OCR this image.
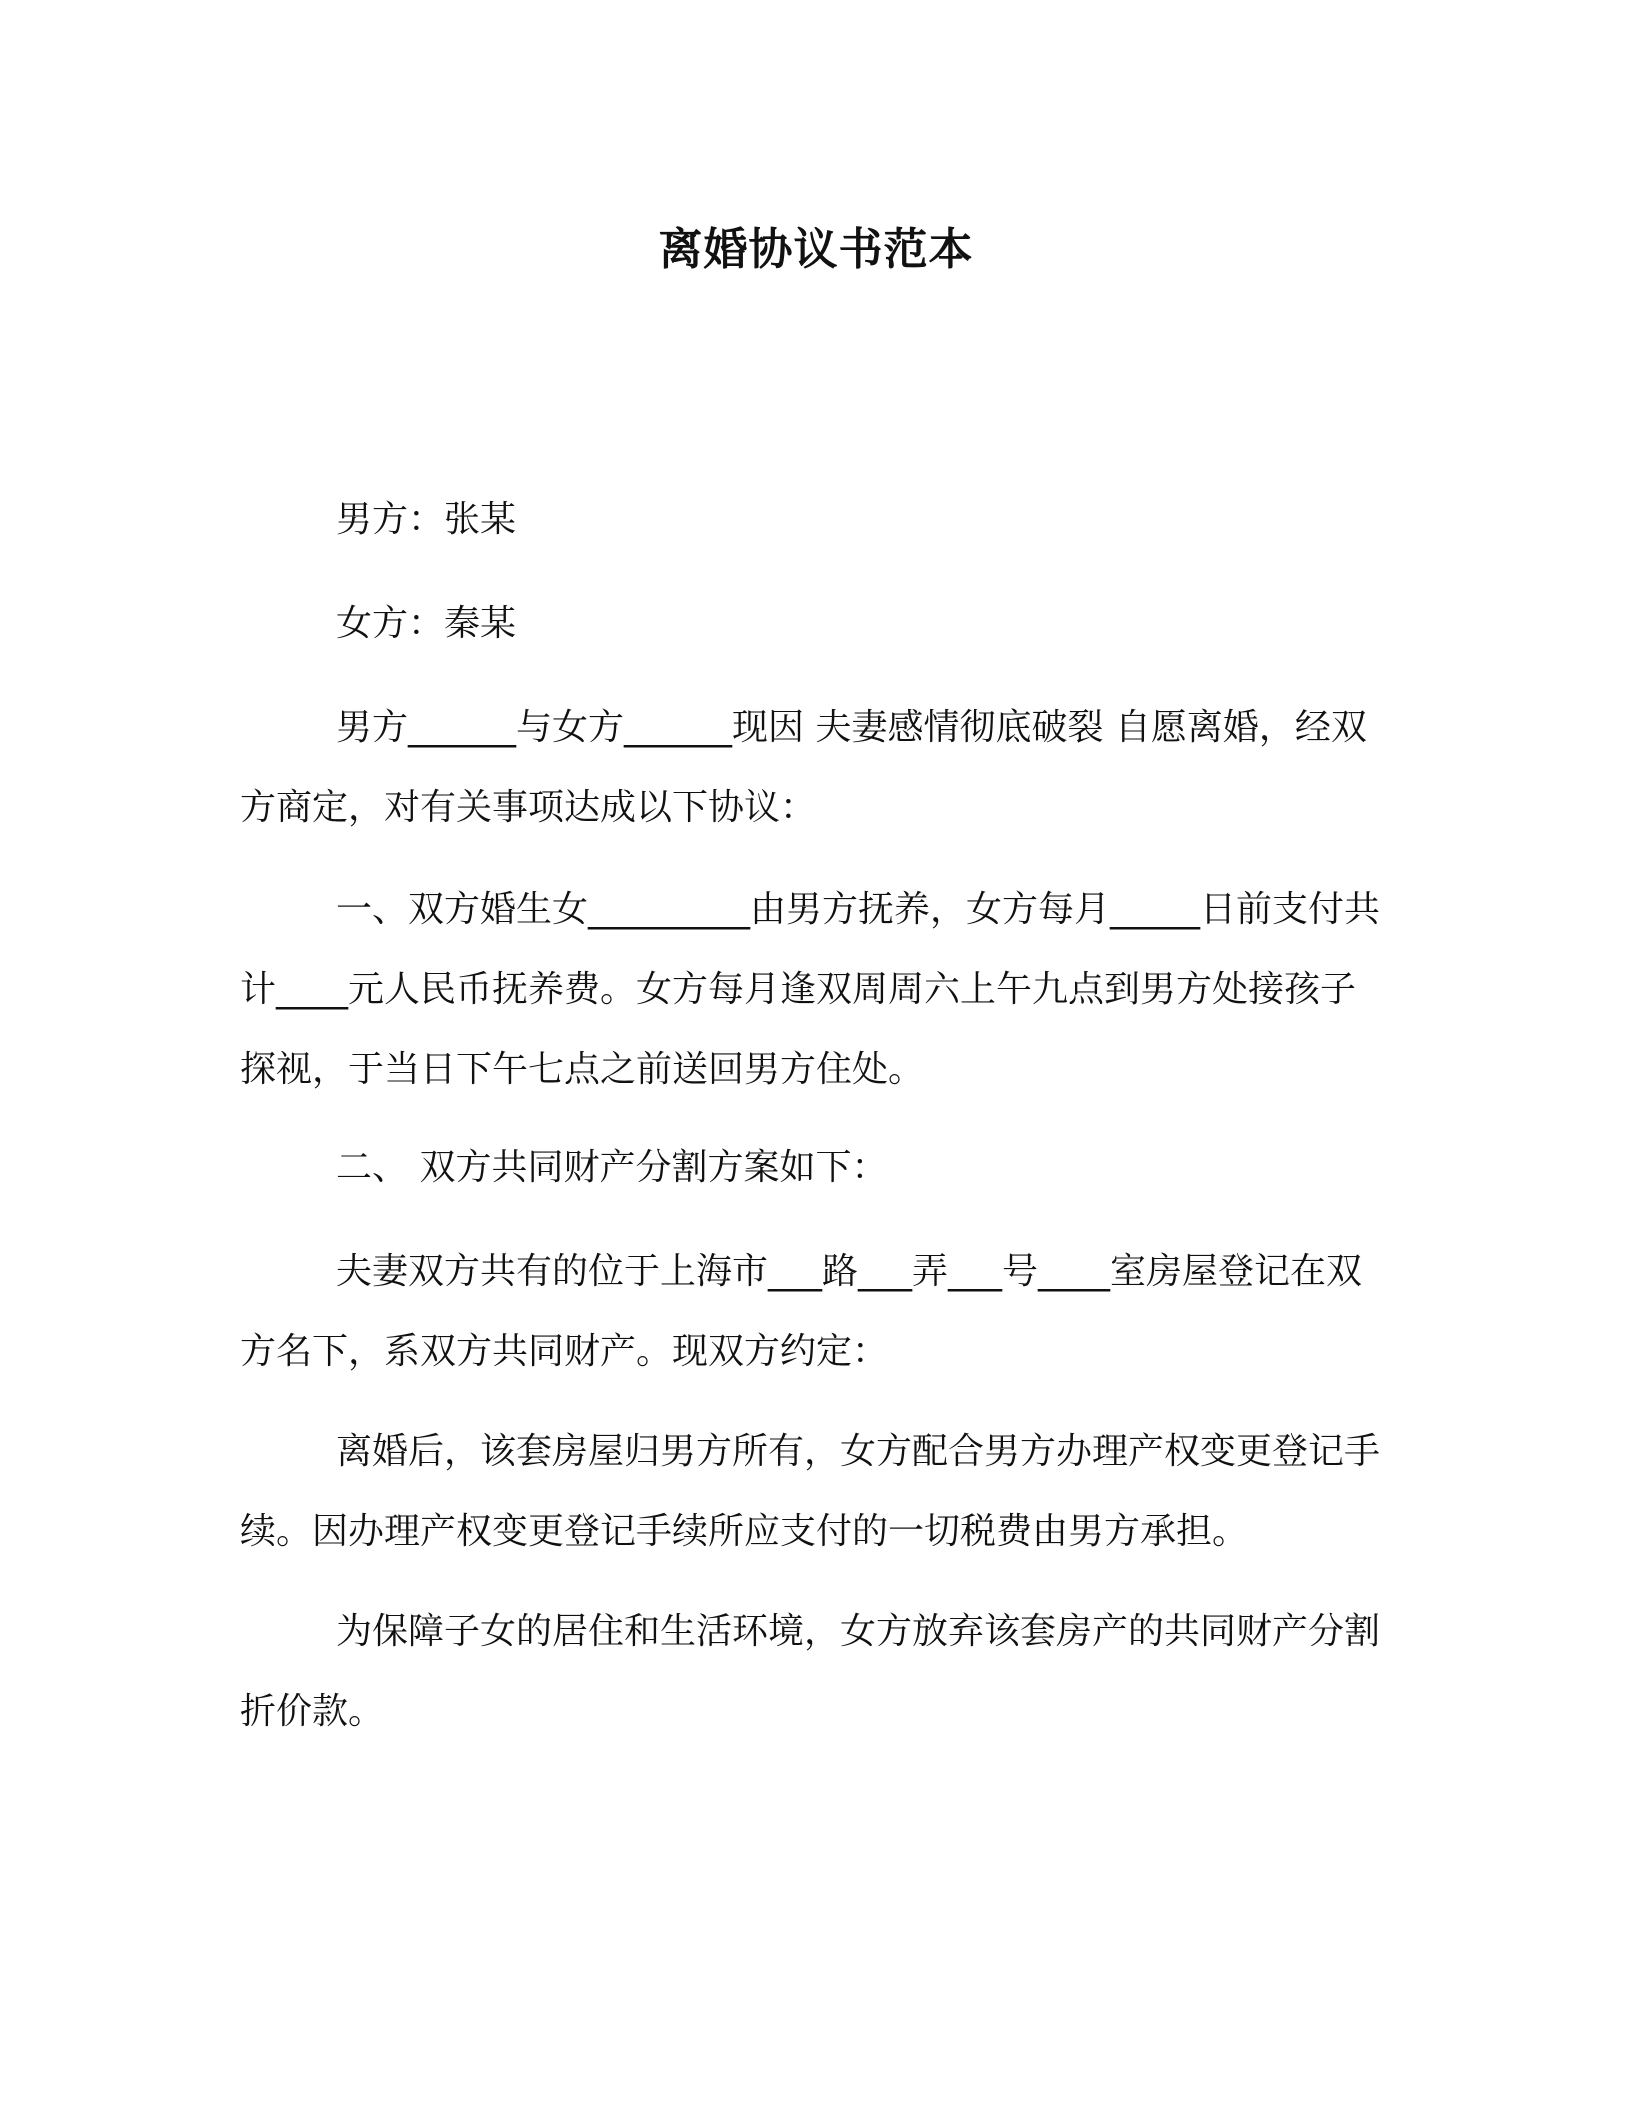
离婚协议书范本
男方：张某
女方：秦某
男方______与女方______现因 夫妻感情彻底破裂 自愿离婚，经双方商定，对有关事项达成以下协议：
一、双方婚生女_________由男方抚养，女方每月_____日前支付共计____元人民币抚养费。女方每月逢双周周六上午九点到男方处接孩子探视，于当日下午七点之前送回男方住处。
二、 双方共同财产分割方案如下：
夫妻双方共有的位于上海市___路___弄___号____室房屋登记在双方名下，系双方共同财产。现双方约定：
离婚后，该套房屋归男方所有，女方配合男方办理产权变更登记手续。因办理产权变更登记手续所应支付的一切税费由男方承担。
为保障子女的居住和生活环境，女方放弃该套房产的共同财产分割折价款。
